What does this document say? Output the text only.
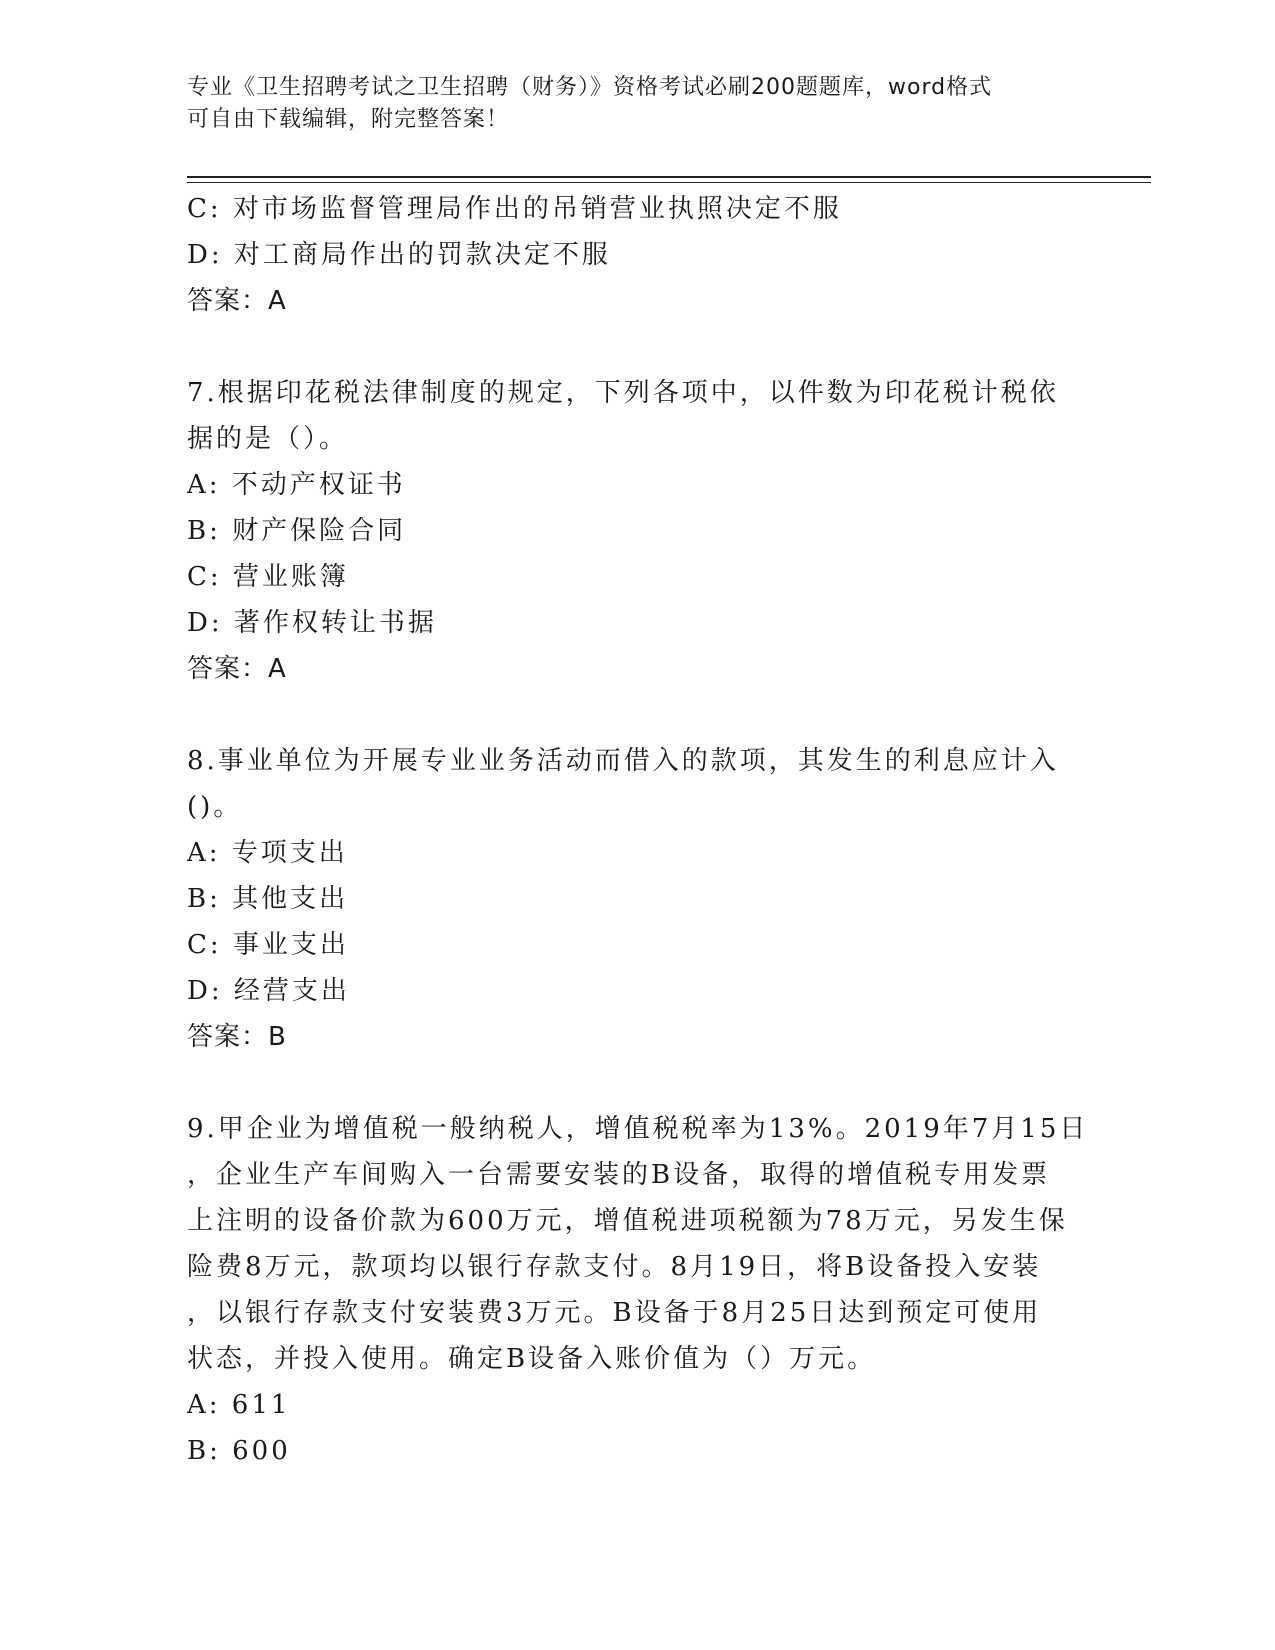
专业《卫生招聘考试之卫生招聘（财务）》资格考试必刷200题题库，word格式
可自由下载编辑，附完整答案！
C: 对市场监督管理局作出的吊销营业执照决定不服
D: 对工商局作出的罚款决定不服
答案：A
7.根据印花税法律制度的规定，下列各项中，以件数为印花税计税依
据的是（）。
A: 不动产权证书
B: 财产保险合同
C: 营业账簿
D: 著作权转让书据
答案：A
8.事业单位为开展专业业务活动而借入的款项，其发生的利息应计入
()。
A: 专项支出
B: 其他支出
C: 事业支出
D: 经营支出
答案：B
9.甲企业为增值税一般纳税人，增值税税率为13%。2019年7月15日
，企业生产车间购入一台需要安装的B设备，取得的增值税专用发票
上注明的设备价款为600万元，增值税进项税额为78万元，另发生保
险费8万元，款项均以银行存款支付。8月19日，将B设备投入安装
，以银行存款支付安装费3万元。B设备于8月25日达到预定可使用
状态，并投入使用。确定B设备入账价值为（）万元。
A: 611
B: 600
